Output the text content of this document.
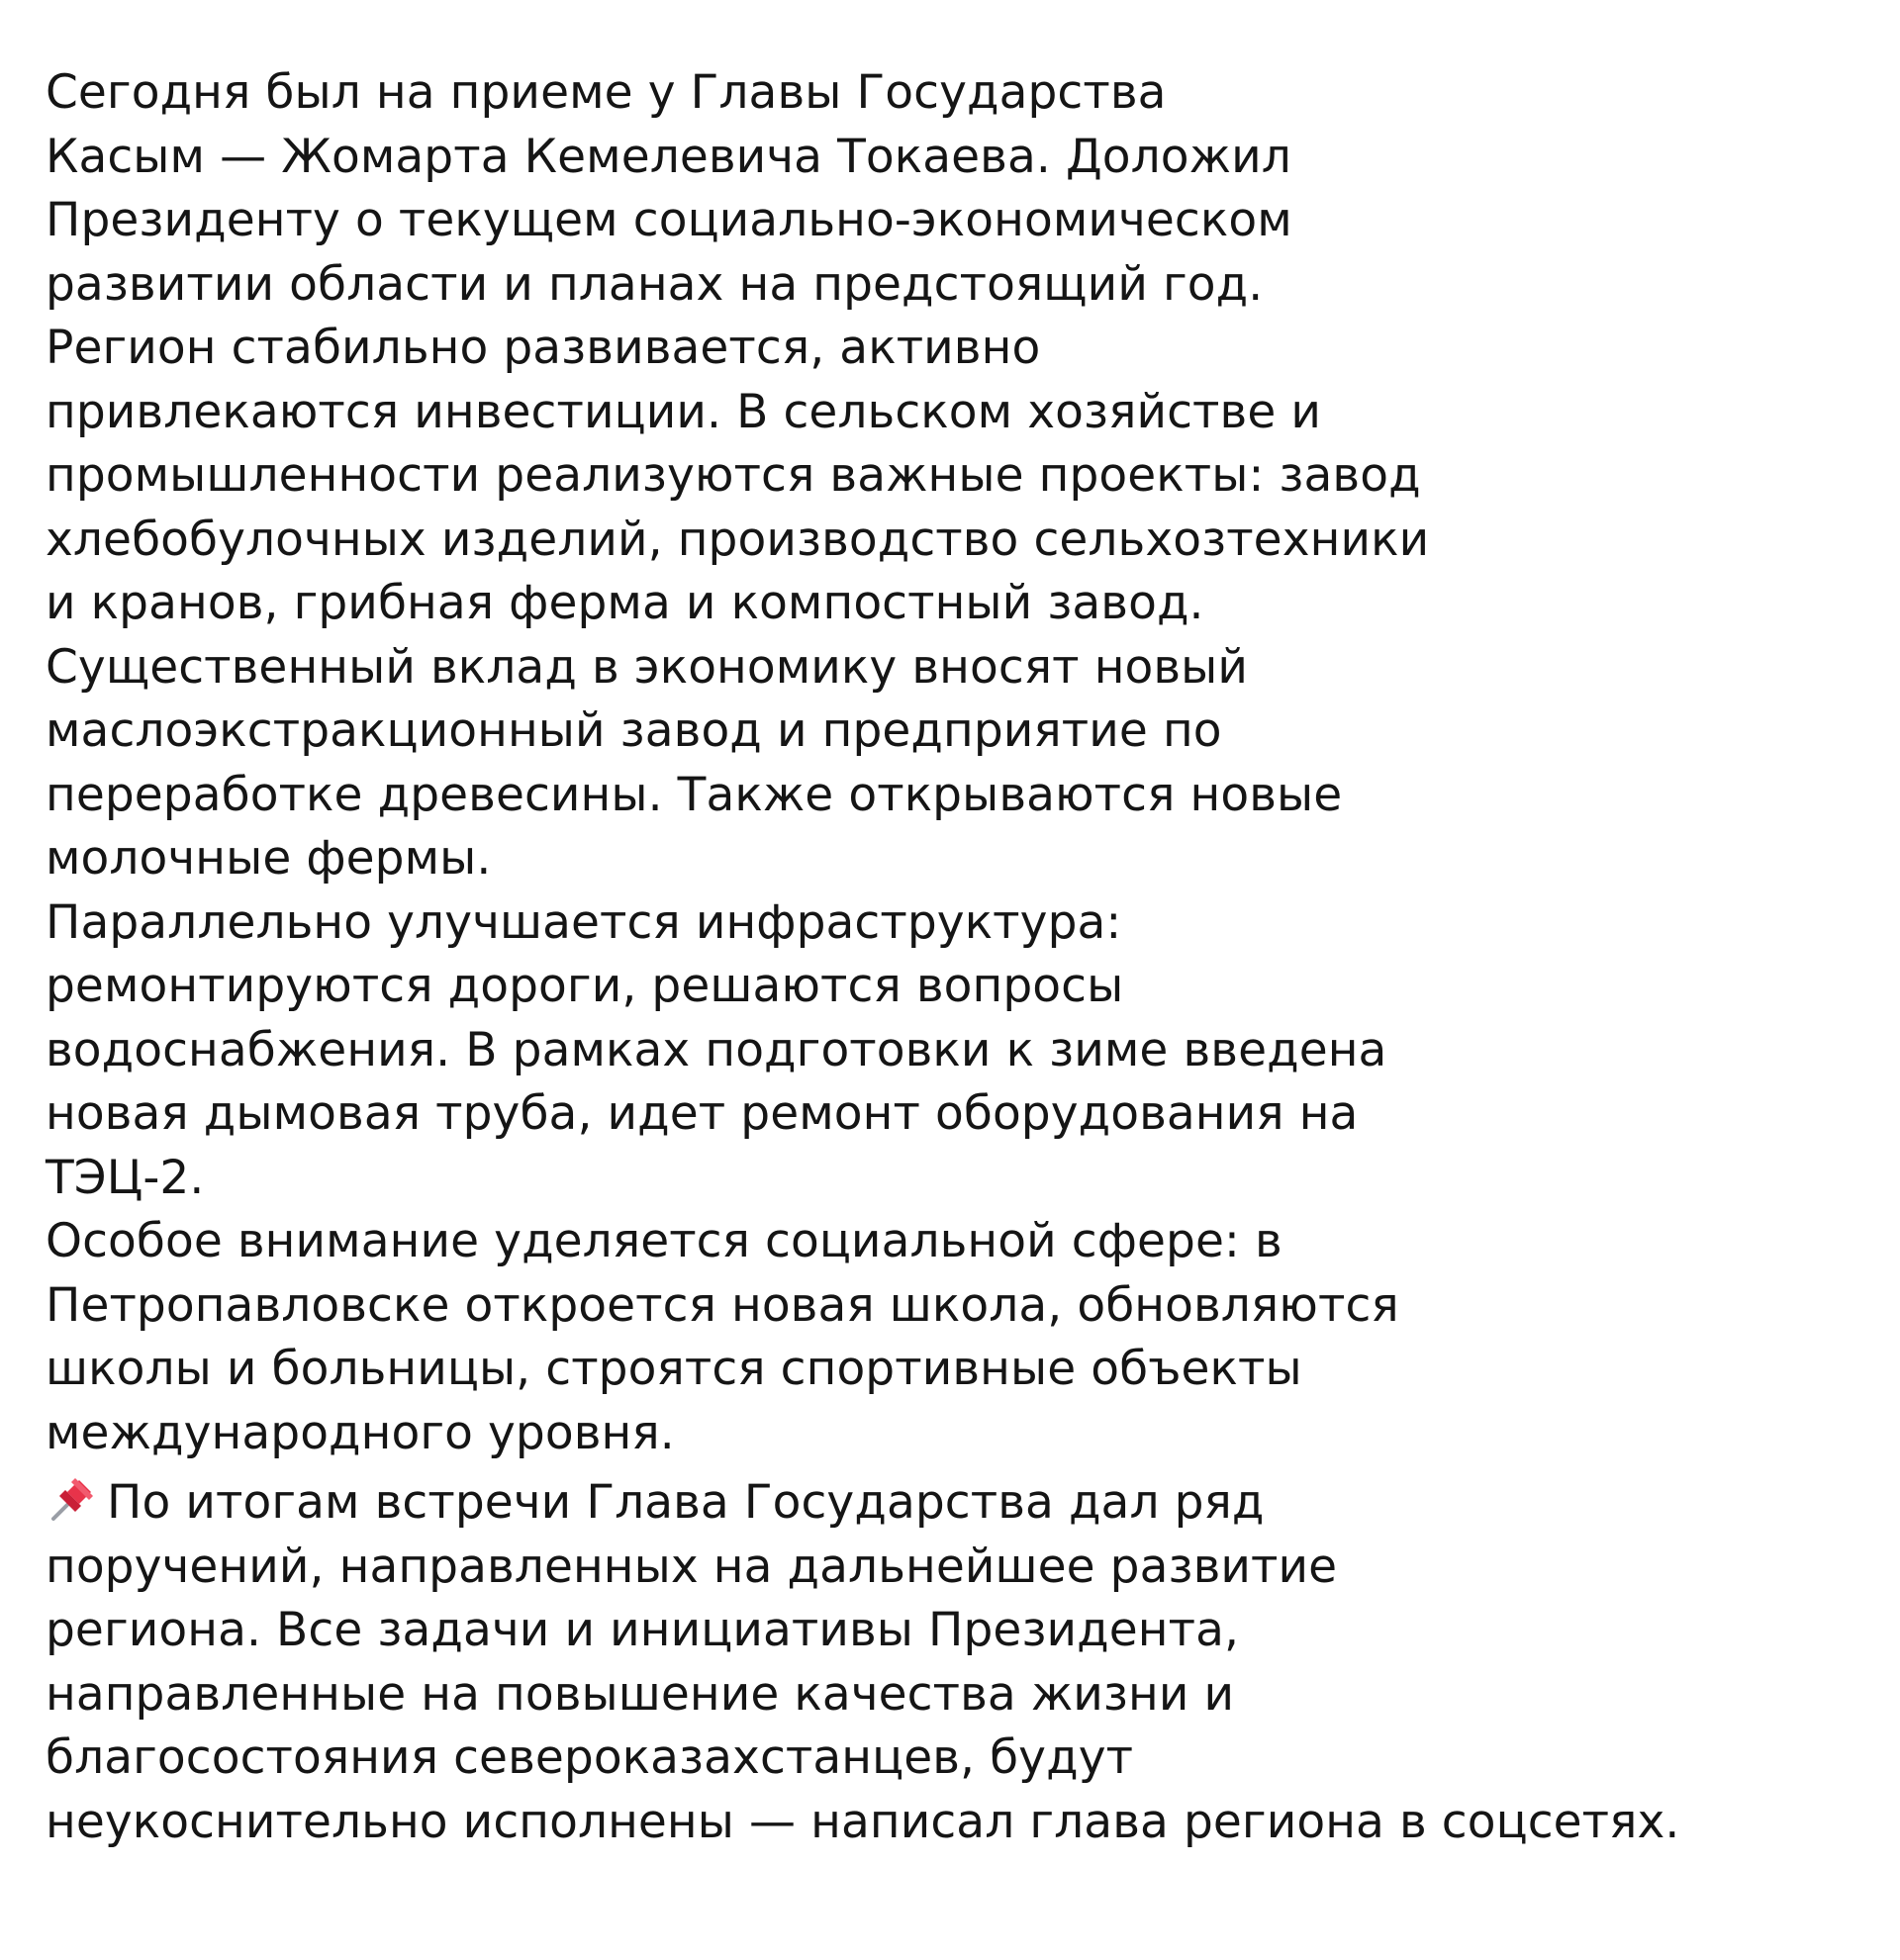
Сегодня был на приеме у Главы Государства
Касым — Жомарта Кемелевича Токаева. Доложил
Президенту о текущем социально-экономическом
развитии области и планах на предстоящий год.
Регион стабильно развивается, активно
привлекаются инвестиции. В сельском хозяйстве и
промышленности реализуются важные проекты: завод
хлебобулочных изделий, производство сельхозтехники
и кранов, грибная ферма и компостный завод.
Существенный вклад в экономику вносят новый
маслоэкстракционный завод и предприятие по
переработке древесины. Также открываются новые
молочные фермы.
Параллельно улучшается инфраструктура:
ремонтируются дороги, решаются вопросы
водоснабжения. В рамках подготовки к зиме введена
новая дымовая труба, идет ремонт оборудования на
ТЭЦ-2.
Особое внимание уделяется социальной сфере: в
Петропавловске откроется новая школа, обновляются
школы и больницы, строятся спортивные объекты
международного уровня.
По итогам встречи Глава Государства дал ряд
поручений, направленных на дальнейшее развитие
региона. Все задачи и инициативы Президента,
направленные на повышение качества жизни и
благосостояния североказахстанцев, будут
неукоснительно исполнены — написал глава региона в соцсетях.
